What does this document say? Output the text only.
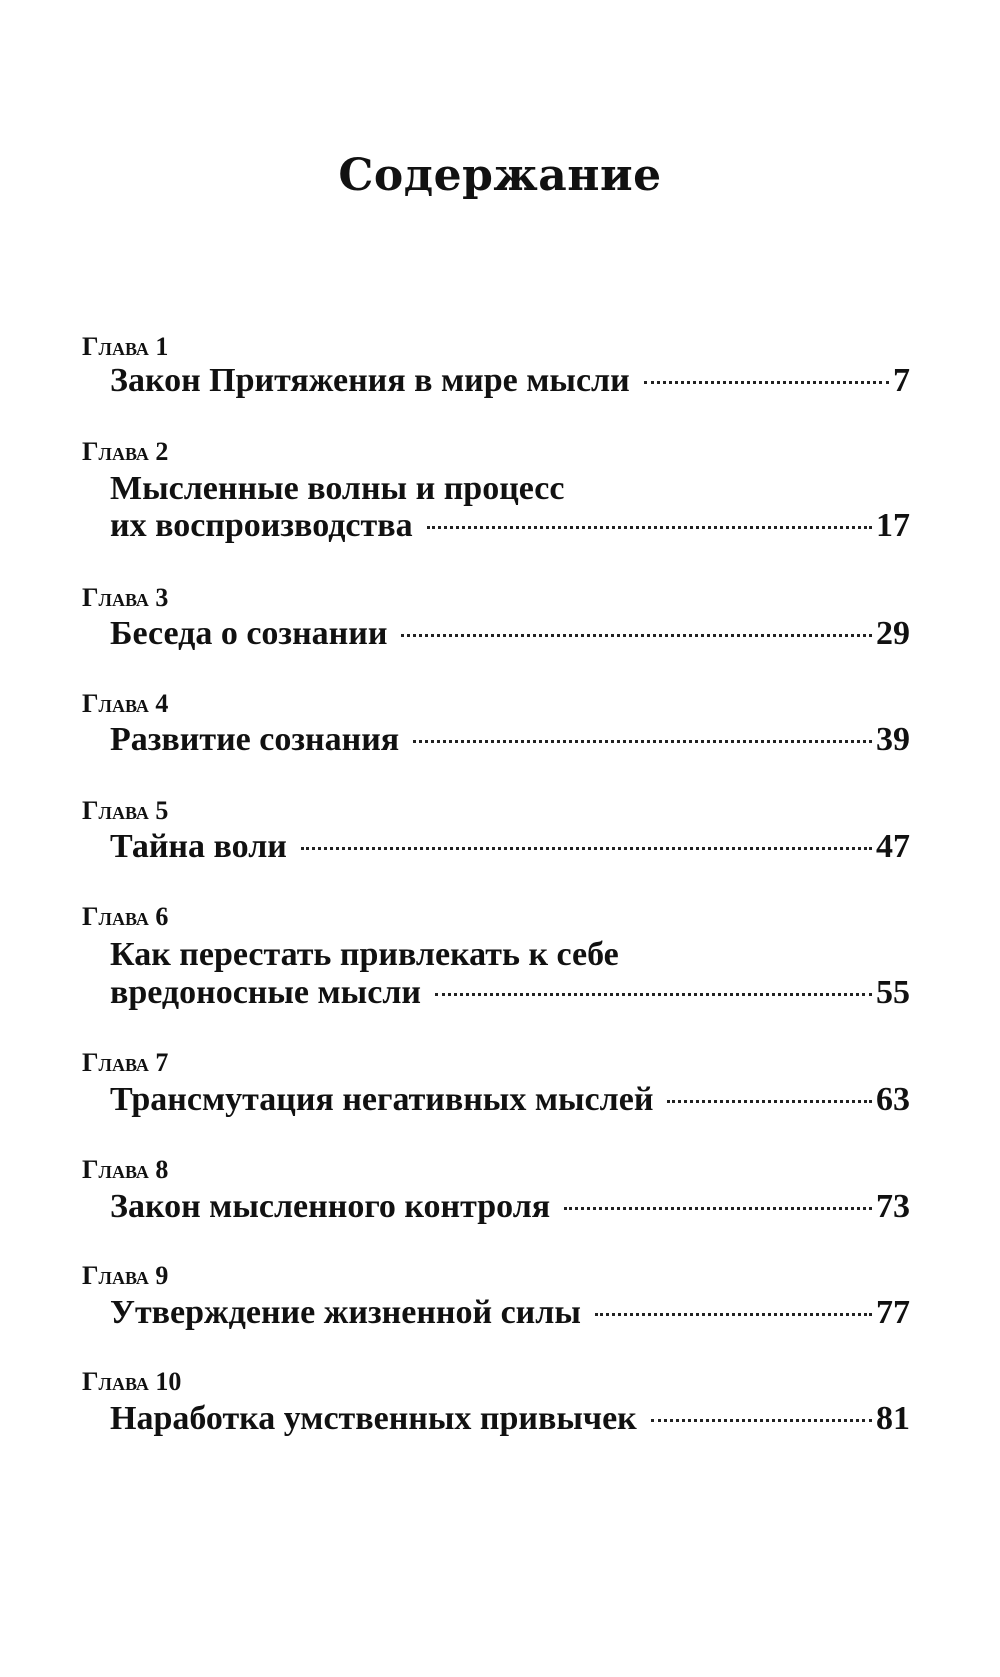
Содержание
Глава 1
Закон Притяжения в мире мысли	7
Глава 2
Мысленные волны и процесс
их воспроизводства	17
Глава 3
Беседа о сознании	29
Глава 4
Развитие сознания	39
Глава 5
Тайна воли	47
Глава 6
Как перестать привлекать к себе
вредоносные мысли	55
Глава 7
Трансмутация негативных мыслей	63
Глава 8
Закон мысленного контроля	73
Глава 9
Утверждение жизненной силы	77
Глава 10
Наработка умственных привычек	81
